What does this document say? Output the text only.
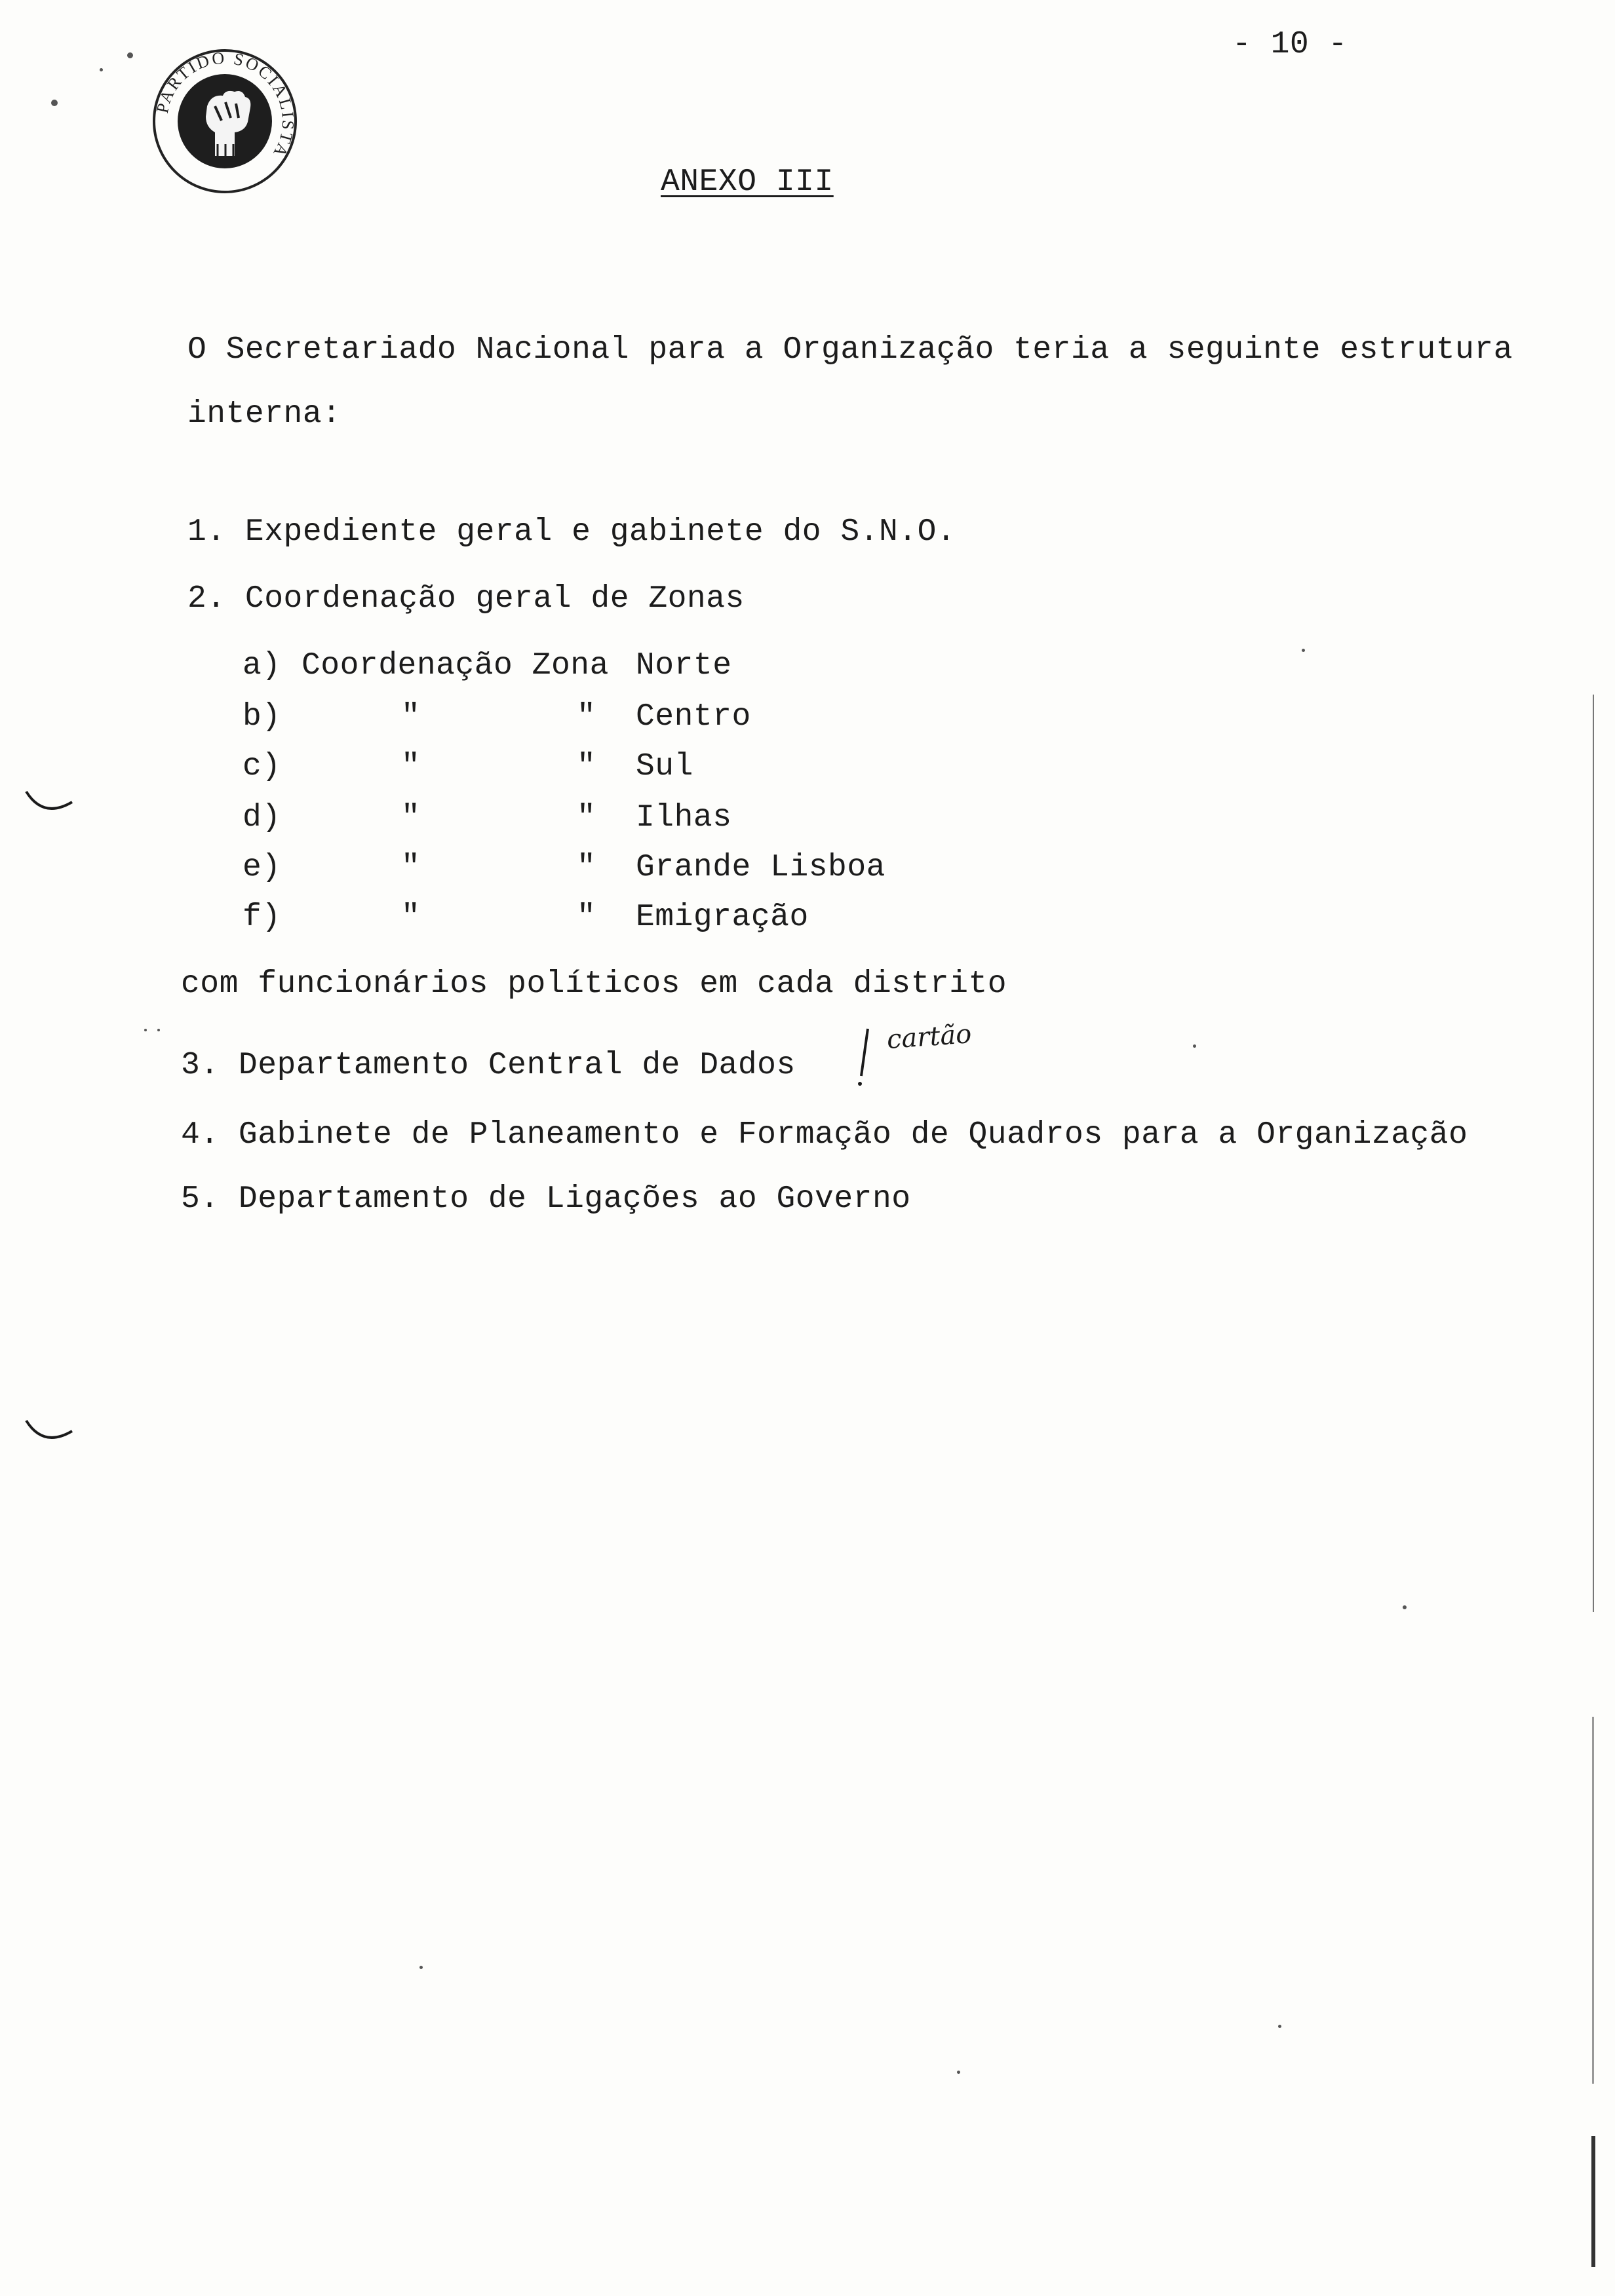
PARTIDO SOCIALISTA
- 10 -
ANEXO III
O Secretariado Nacional para a Organização teria a seguinte estrutura
interna:
1. Expediente geral e gabinete do S.N.O.
2. Coordenação geral de Zonas
a) Coordenação Zona Norte
b)	"	" Centro
c)	"	" Sul
d)	"	" Ilhas
e)	"	" Grande Lisboa
f)	"	" Emigração
com funcionários políticos em cada distrito
3. Departamento Central de Dados
4. Gabinete de Planeamento e Formação de Quadros para a Organização
5. Departamento de Ligações ao Governo
cartão
